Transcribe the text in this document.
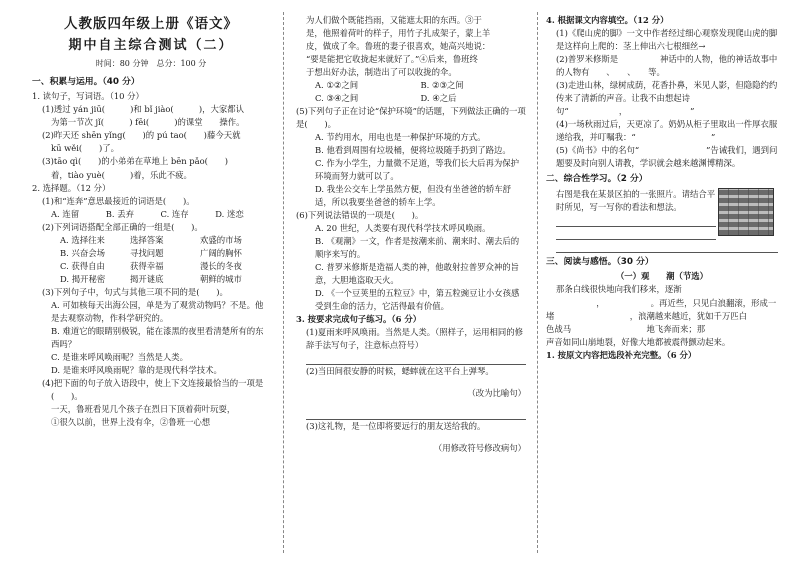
人教版四年级上册《语文》
期中自主综合测试（二）
时间：80 分钟　总分：100 分
一、积累与运用。（40 分）
1. 读句子，写词语。（10 分）

(1)透过 yán jiū(　　　)和 bǐ jiào(　　　)，大家都认

为第一节次 jǐ(　　　) fēi(　　　)的课堂　　操作。

(2)昨天还 shēn yǐng(　　)的 pú tao(　　)藤今天就

kū wěi(　　)了。

(3)tāo qì(　　)的小弟弟在草地上 bēn pǎo(　　)

着，tiào yuè(　　　)着，乐此不疲。

2. 选择题。（12 分）

(1)和“连奔”意思最接近的词语是(　　)。

A. 连留	B. 丢弃	C. 连存	D. 迷恋

(2)下列词语搭配全部正确的一组是(　　)。

A. 选择往来	选择答案	欢盛的市场
B. 兴奋会场	寻找问题	广阔的胸怀
C. 获得自由	获得幸福	漫长的冬夜
D. 揭开秘密	揭开谜底	朝鲜的城市

(3)下列句子中，句式与其他三项不同的是(　　)。

A. 可如核每天出海公园，单是为了观赏动物吗？不是。他是去观察动物，作科学研究的。

B. 难道它的眼睛别极锐，能在漆黑的夜里看清楚所有的东西吗？

C. 是谁来呼风唤雨呢？当然是人类。

D. 是谁来呼风唤雨呢？靠的是现代科学技术。

(4)把下面的句子放入语段中，使上下文连接最恰当的一项是

(　　)。

一天，鲁班看见几个孩子在烈日下顶着荷叶玩耍，

①很久以前，世界上没有伞，②鲁班一心想

为人们做个既能挡雨，又能遮太阳的东西。③于

是，他照着荷叶的样子，用竹子扎成架子，蒙上羊

皮，做成了伞。鲁班的妻子很喜欢，她高兴地说：

“要是能把它收拢起来就好了。”④后来，鲁班终

于想出好办法，制造出了可以收拢的伞。

A. ①②之间	B. ②③之间
C. ③④之间	D. ④之后

(5)下列句子正在讨论“保护环境”的话题，下列做法正确的一项是(　　)。

A. 节约用水，用电也是一种保护环境的方式。

B. 他看到周围有垃圾桶，便将垃圾随手扔到了路边。

C. 作为小学生，力量微不足道，等我们长大后再为保护环境而努力就可以了。

D. 我坐公交车上学虽然方便，但没有坐爸爸的轿车舒适，所以我要坐爸爸的轿车上学。

(6)下列说法错误的一项是(　　)。

A. 20 世纪，人类要有现代科学技术呼风唤雨。

B. 《观潮》一文，作者是按潮来前、潮来时、潮去后的顺序来写的。

C. 普罗米修斯是造福人类的神，他敢射拉普罗众神的旨意，大胆地盗取天火。

D. 《一个豆荚里的五粒豆》中，第五粒豌豆让小女孩感受到生命的活力，它活得最有价值。

3. 按要求完成句子练习。（6 分）

(1)夏雨来呼风唤雨。当然是人类。（照样子，运用相同的修辞手法写句子，注意标点符号）

(2)当田间很安静的时候，蟋蟀就在这平台上弹琴。

（改为比喻句）

(3)这礼物，是一位即将要远行的朋友送给我的。

（用修改符号修改病句）

4. 根据课文内容填空。（12 分）

(1)《爬山虎的脚》一文中作者经过细心观察发现爬山虎的脚是这样向上爬的：茎上伸出六七根细丝→

(2)普罗米修斯是　　　　　神话中的人物，他的神话故事中的人物有　　、　　、　　等。

(3)走进山林，绿树成荫，花香扑鼻，米见人影，但隐隐约约传来了清新的声音。让我不由想起诗句“　　　　　　，　　　　　　　　”

(4)一场秋雨过后，天更凉了。奶奶从柜子里取出一件厚衣服递给我，并叮嘱我：“　　　　　　　　　”

(5)《尚书》中的名句“　　　　　　　　”告诫我们，遇到问题要及时向别人请教，学识就会越来越渊博精深。

二、综合性学习。（2 分）

右图是我在某景区拍的一张照片。请结合平时所见，写一写你的看法和想法。

三、阅读与感悟。（30 分）
（一）观　　潮（节选）

那条白线很快地向我们移来，逐渐

　　　　　　，　　　　　　。再近些，只见白浪翻滚，形成一

堵　　　　　　　　　，浪潮越来越近，犹如千万匹白

色战马　　　　　　　　　地飞奔而来；那

声音如同山崩地裂，好像大地都被震得颤动起来。

1. 按原文内容把选段补充完整。（6 分）
